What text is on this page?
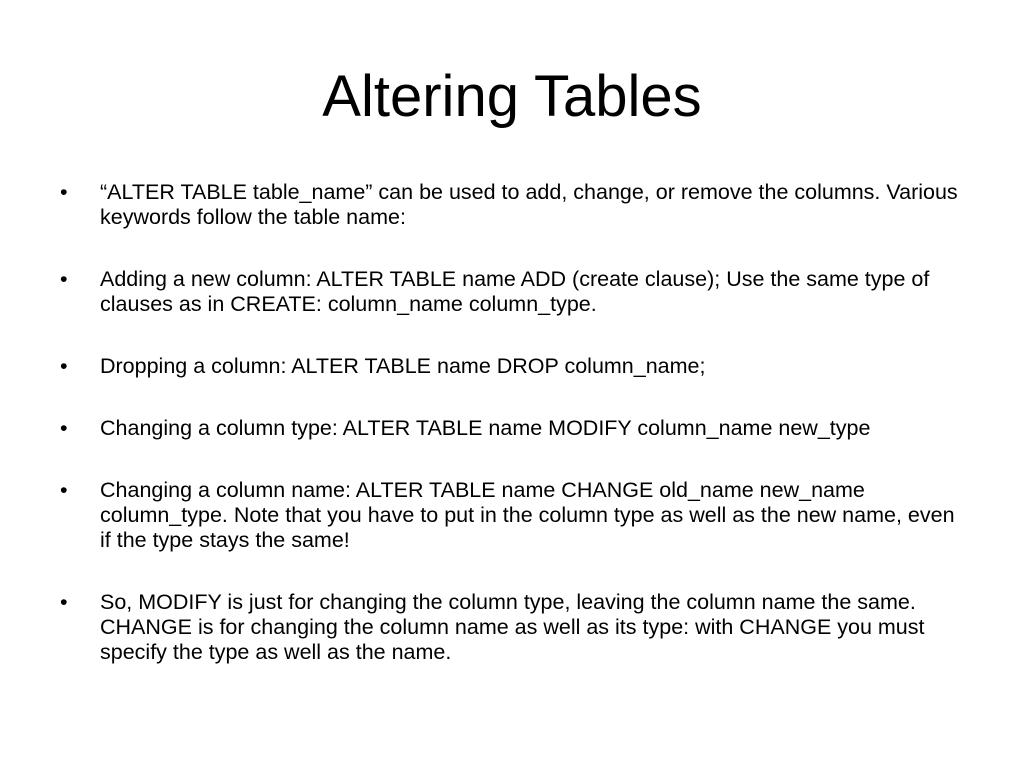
Altering Tables
•	“ALTER TABLE table_name” can be used to add, change, or remove the columns. Various keywords follow the table name:
•	Adding a new column: ALTER TABLE name ADD (create clause); Use the same type of clauses as in CREATE: column_name column_type.
•	Dropping a column: ALTER TABLE name DROP column_name;
•	Changing a column type: ALTER TABLE name MODIFY column_name new_type
•	Changing a column name: ALTER TABLE name CHANGE old_name new_name column_type. Note that you have to put in the column type as well as the new name, even if the type stays the same!
•	So, MODIFY is just for changing the column type, leaving the column name the same. CHANGE is for changing the column name as well as its type: with CHANGE you must specify the type as well as the name.
